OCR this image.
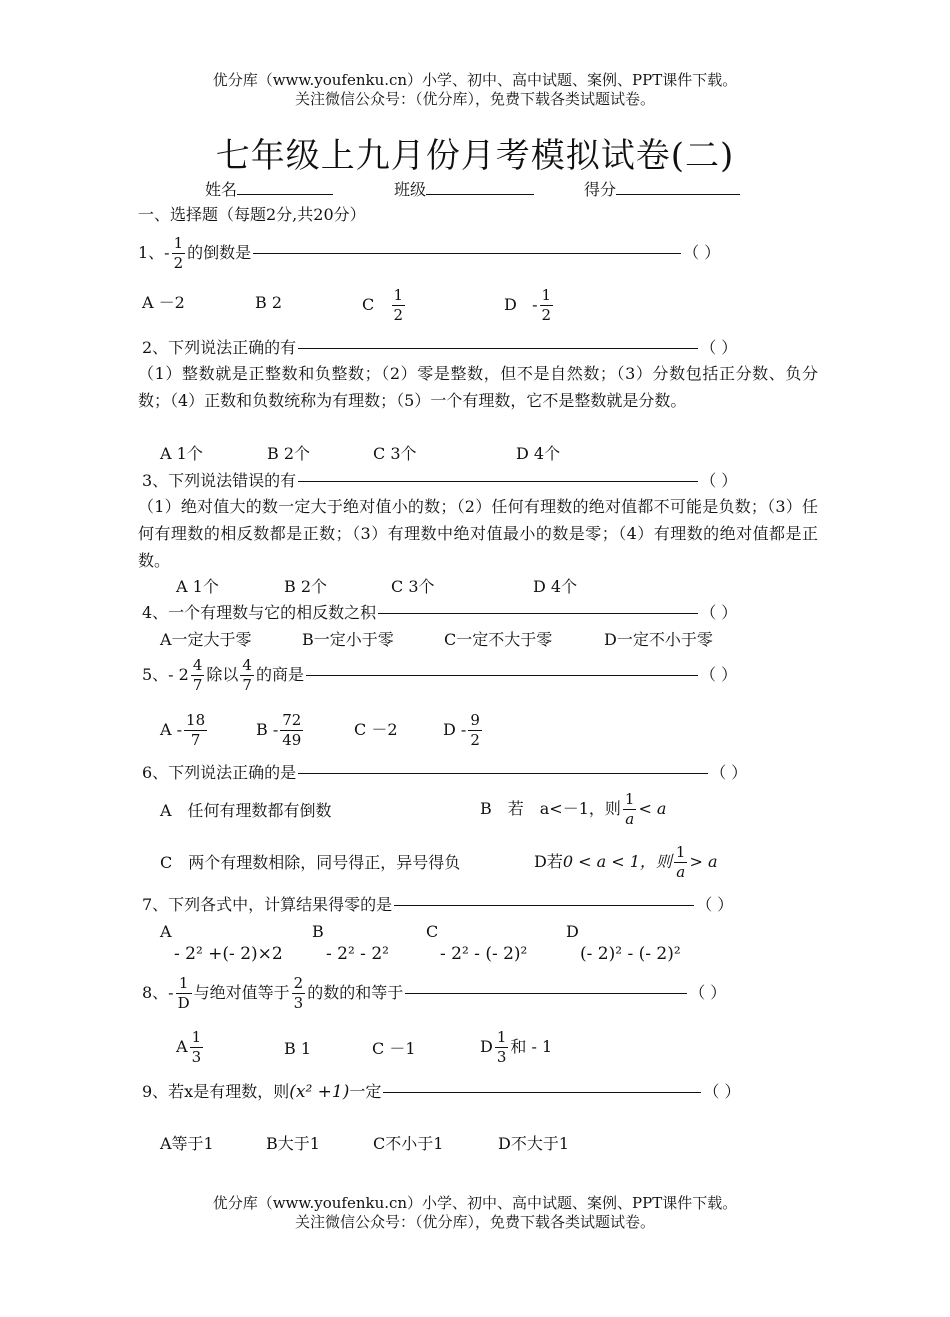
优分库（www.youfenku.cn）小学、初中、高中试题、案例、PPT课件下载。
关注微信公众号：（优分库），免费下载各类试题试卷。
七年级上九月份月考模拟试卷(二)
姓名	班级	得分
一、选择题（每题2分,共20分）
1、- $\frac{1}{2}$ 的倒数是	（ ）
A －2	B 2	C $\frac{1}{2}$	D - $\frac{1}{2}$
2、下列说法正确的有	（ ）
（1）整数就是正整数和负整数；（2）零是整数，但不是自然数；（3）分数包括正分数、负分数；（4）正数和负数统称为有理数；（5）一个有理数，它不是整数就是分数。
A 1个	B 2个	C 3个	D 4个
3、下列说法错误的有	（ ）
（1）绝对值大的数一定大于绝对值小的数；（2）任何有理数的绝对值都不可能是负数；（3）任何有理数的相反数都是正数；（3）有理数中绝对值最小的数是零；（4）有理数的绝对值都是正数。
A 1个	B 2个	C 3个	D 4个
4、一个有理数与它的相反数之积	（ ）
A一定大于零	B一定小于零	C一定不大于零	D一定不小于零
5、- $2 \frac{4}{7}$ 除以 $\frac{4}{7}$ 的商是	（ ）
A - $\frac{18}{7}$	B - $\frac{72}{49}$	C －2	D - $\frac{9}{2}$
6、下列说法正确的是	（ ）
A　任何有理数都有倒数	B　若　a<－1，则 $\frac{1}{a} < a$
C　两个有理数相除，同号得正，异号得负	D若0 < a < 1，则 $\frac{1}{a} > a$
7、下列各式中，计算结果得零的是	（ ）
A
- 2² +(- 2)×2
B
- 2² - 2²
C
- 2² - (- 2)²
D
(- 2)² - (- 2)²
8、- $\frac{1}{D}$ 与绝对值等于 $\frac{2}{3}$ 的数的和等于	（ ）
A $\frac{1}{3}$	B 1	C －1	D $\frac{1}{3}$ 和 - 1
9、若x是有理数，则(x² +1)一定	（ ）
A等于1	B大于1	C不小于1	D不大于1
优分库（www.youfenku.cn）小学、初中、高中试题、案例、PPT课件下载。
关注微信公众号：（优分库），免费下载各类试题试卷。
